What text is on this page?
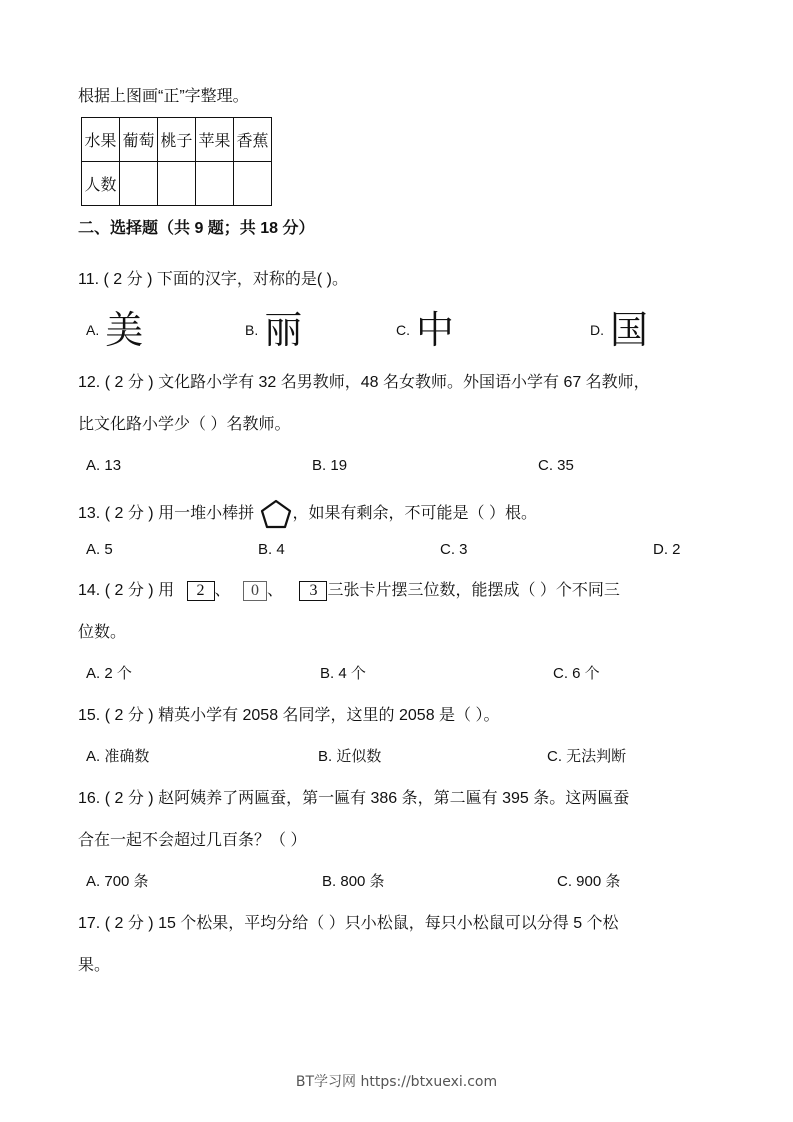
根据上图画“正”字整理。
水果	葡萄	桃子	苹果	香蕉
人数				
二、选择题（共 9 题；共 18 分）
11. ( 2 分 ) 下面的汉字，对称的是( )。
A. 美	B. 丽	C. 中	D. 国
12. ( 2 分 ) 文化路小学有 32 名男教师，48 名女教师。外国语小学有 67 名教师，
比文化路小学少（ ）名教师。
A. 13	B. 19	C. 35
13. ( 2 分 ) 用一堆小棒拼 ，如果有剩余，不可能是（ ）根。
A. 5	B. 4	C. 3	D. 2
14. ( 2 分 ) 用 2 、 0 、 3 三张卡片摆三位数，能摆成（ ）个不同三
位数。
A. 2 个	B. 4 个	C. 6 个
15. ( 2 分 ) 精英小学有 2058 名同学，这里的 2058 是（ ）。
A. 准确数	B. 近似数	C. 无法判断
16. ( 2 分 ) 赵阿姨养了两匾蚕，第一匾有 386 条，第二匾有 395 条。这两匾蚕
合在一起不会超过几百条？（ ）
A. 700 条	B. 800 条	C. 900 条
17. ( 2 分 ) 15 个松果，平均分给（ ）只小松鼠，每只小松鼠可以分得 5 个松
果。
BT学习网 https://btxuexi.com
